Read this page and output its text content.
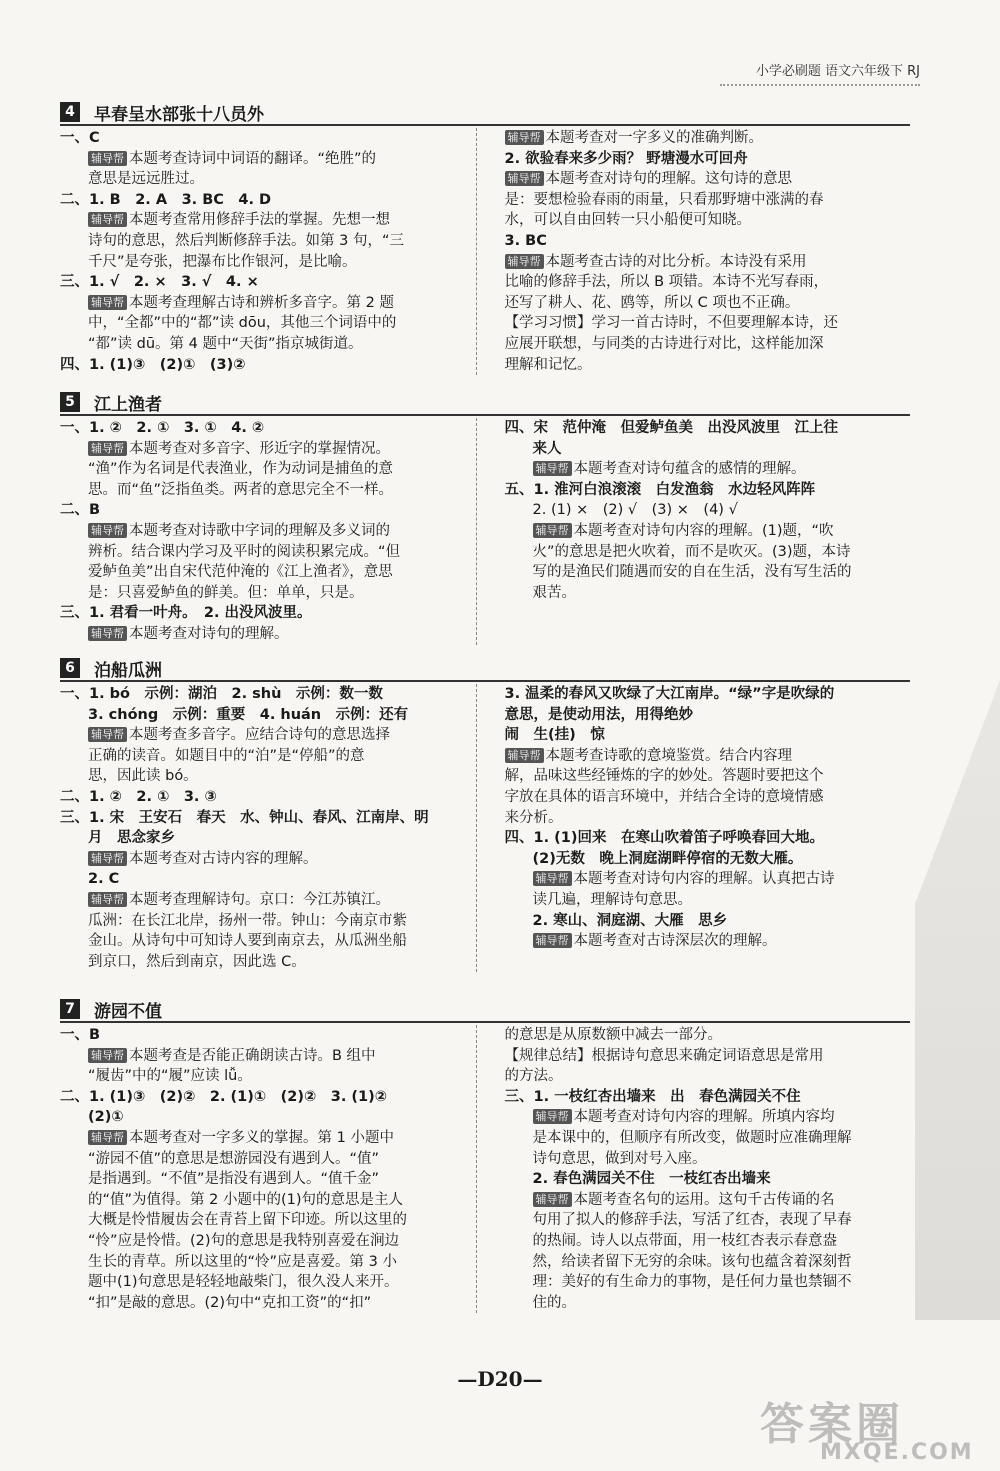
小学必刷题 语文六年级下 RJ
4	早春呈水部张十八员外
一、C
辅导帮 本题考查诗词中词语的翻译。“绝胜”的
意思是远远胜过。
二、1. B　2. A　3. BC　4. D
辅导帮 本题考查常用修辞手法的掌握。先想一想
诗句的意思，然后判断修辞手法。如第 3 句，“三
千尺”是夸张，把瀑布比作银河，是比喻。
三、1. √　2. ×　3. √　4. ×
辅导帮 本题考查理解古诗和辨析多音字。第 2 题
中，“全都”中的“都”读 dōu，其他三个词语中的
“都”读 dū。第 4 题中“天街”指京城街道。
四、1. (1)③　(2)①　(3)②
辅导帮 本题考查对一字多义的准确判断。
2. 欲验春来多少雨？ 野塘漫水可回舟
辅导帮 本题考查对诗句的理解。这句诗的意思
是：要想检验春雨的雨量，只看那野塘中涨满的春
水，可以自由回转一只小船便可知晓。
3. BC
辅导帮 本题考查古诗的对比分析。本诗没有采用
比喻的修辞手法，所以 B 项错。本诗不光写春雨，
还写了耕人、花、鸥等，所以 C 项也不正确。
【学习习惯】学习一首古诗时，不但要理解本诗，还
应展开联想，与同类的古诗进行对比，这样能加深
理解和记忆。
5	江上渔者
一、1. ②　2. ①　3. ①　4. ②
辅导帮 本题考查对多音字、形近字的掌握情况。
“渔”作为名词是代表渔业，作为动词是捕鱼的意
思。而“鱼”泛指鱼类。两者的意思完全不一样。
二、B
辅导帮 本题考查对诗歌中字词的理解及多义词的
辨析。结合课内学习及平时的阅读积累完成。“但
爱鲈鱼美”出自宋代范仲淹的《江上渔者》，意思
是：只喜爱鲈鱼的鲜美。但：单单，只是。
三、1. 君看一叶舟。　2. 出没风波里。
辅导帮 本题考查对诗句的理解。
四、宋　范仲淹　但爱鲈鱼美　出没风波里　江上往
来人
辅导帮 本题考查对诗句蕴含的感情的理解。
五、1. 淮河白浪滚滚　白发渔翁　水边轻风阵阵
2. (1) ×　(2) √　(3) ×　(4) √
辅导帮 本题考查对诗句内容的理解。(1)题，“吹
火”的意思是把火吹着，而不是吹灭。(3)题，本诗
写的是渔民们随遇而安的自在生活，没有写生活的
艰苦。
6	泊船瓜洲
一、1. bó　示例：湖泊　2. shù　示例：数一数
3. chóng　示例：重要　4. huán　示例：还有
辅导帮 本题考查多音字。应结合诗句的意思选择
正确的读音。如题目中的“泊”是“停船”的意
思，因此读 bó。
二、1. ②　2. ①　3. ③
三、1. 宋　王安石　春天　水、钟山、春风、江南岸、明
月　思念家乡
辅导帮 本题考查对古诗内容的理解。
2. C
辅导帮 本题考查理解诗句。京口：今江苏镇江。
瓜洲：在长江北岸，扬州一带。钟山：今南京市紫
金山。从诗句中可知诗人要到南京去，从瓜洲坐船
到京口，然后到南京，因此选 C。
3. 温柔的春风又吹绿了大江南岸。“绿”字是吹绿的
意思，是使动用法，用得绝妙
闹　生(挂)　惊
辅导帮 本题考查诗歌的意境鉴赏。结合内容理
解，品味这些经锤炼的字的妙处。答题时要把这个
字放在具体的语言环境中，并结合全诗的意境情感
来分析。
四、1. (1)回来　在寒山吹着笛子呼唤春回大地。
(2)无数　晚上洞庭湖畔停宿的无数大雁。
辅导帮 本题考查对诗句内容的理解。认真把古诗
读几遍，理解诗句意思。
2. 寒山、洞庭湖、大雁　思乡
辅导帮 本题考查对古诗深层次的理解。
7	游园不值
一、B
辅导帮 本题考查是否能正确朗读古诗。B 组中
“履齿”中的“履”应读 lǚ。
二、1. (1)③　(2)②　2. (1)①　(2)②　3. (1)②
(2)①
辅导帮 本题考查对一字多义的掌握。第 1 小题中
“游园不值”的意思是想游园没有遇到人。“值”
是指遇到。“不值”是指没有遇到人。“值千金”
的“值”为值得。第 2 小题中的(1)句的意思是主人
大概是怜惜履齿会在青苔上留下印迹。所以这里的
“怜”应是怜惜。(2)句的意思是我特别喜爱在涧边
生长的青草。所以这里的“怜”应是喜爱。第 3 小
题中(1)句意思是轻轻地敲柴门，很久没人来开。
“扣”是敲的意思。(2)句中“克扣工资”的“扣”
的意思是从原数额中减去一部分。
【规律总结】根据诗句意思来确定词语意思是常用
的方法。
三、1. 一枝红杏出墙来　出　春色满园关不住
辅导帮 本题考查对诗句内容的理解。所填内容均
是本课中的，但顺序有所改变，做题时应准确理解
诗句意思，做到对号入座。
2. 春色满园关不住　一枝红杏出墙来
辅导帮 本题考查名句的运用。这句千古传诵的名
句用了拟人的修辞手法，写活了红杏，表现了早春
的热闹。诗人以点带面，用一枝红杏表示春意盎
然，给读者留下无穷的余味。该句也蕴含着深刻哲
理：美好的有生命力的事物，是任何力量也禁锢不
住的。
—D20—
答案圈
MXQE.COM
